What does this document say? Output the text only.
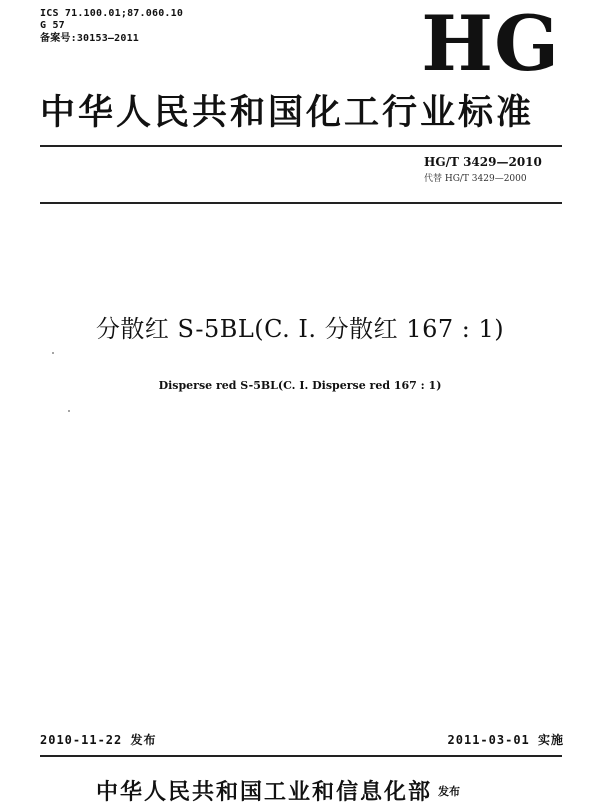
ICS 71.100.01;87.060.10
G 57
备案号:30153—2011	HG
中华人民共和国化工行业标准
HG/T 3429—2010
代替 HG/T 3429—2000
分散红 S-5BL(C. I. 分散红 167 : 1)
Disperse red S-5BL(C. I. Disperse red 167 : 1)
2010-11-22 发布	2011-03-01 实施
中华人民共和国工业和信息化部 发布
